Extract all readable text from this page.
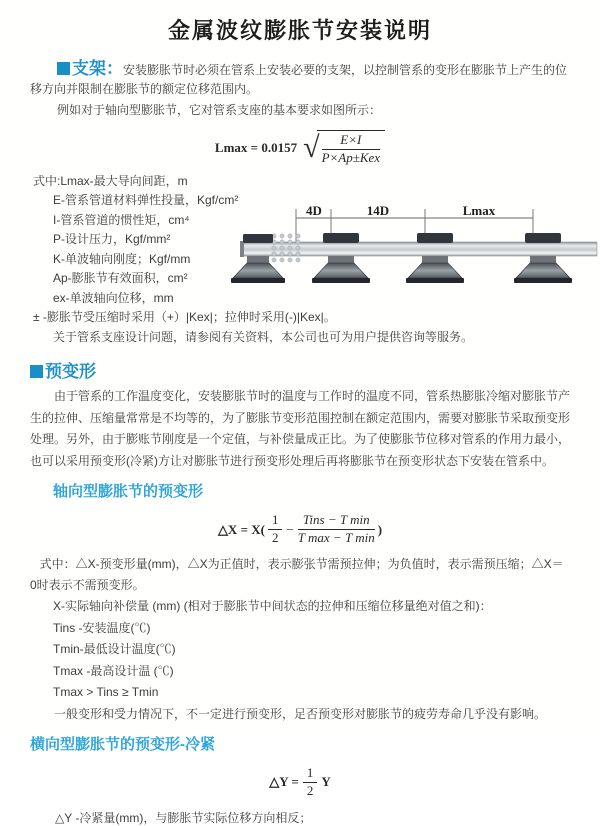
金属波纹膨胀节安装说明

支架：安装膨胀节时必须在管系上安装必要的支架，以控制管系的变形在膨胀节上产生的位移方向并限制在膨胀节的额定位移范围内。

例如对于轴向型膨胀节，它对管系支座的基本要求如图所示：

Lmax = 0.0157 √ $\frac{E\times I}{\text{P×Ap±Kex}}$
式中:Lmax-最大导向间距，m
E-管系管道材料弹性投量，Kgf/cm²
I-管系管道的惯性矩，cm⁴
P-设计压力，Kgf/mm²
K-单波轴向刚度；Kgf/mm
Ap-膨胀节有效面积，cm²
ex-单波轴向位移，mm
± -膨胀节受压缩时采用（+）|Kex|；拉伸时采用(-)|Kex|。
关于管系支座设计问题，请参阅有关资料，本公司也可为用户提供咨询等服务。
4D	14D	Lmax
预变形

由于管系的工作温度变化，安装膨胀节时的温度与工作时的温度不同，管系热膨胀冷缩对膨胀节产生的拉伸、压缩量常常是不均等的，为了膨胀节变形范围控制在额定范围内，需要对膨胀节采取预变形处理。另外，由于膨账节刚度是一个定值，与补偿量成正比。为了使膨胀节位移对管系的作用力最小，也可以采用预变形(冷紧)方让对膨胀节进行预变形处理后再将膨胀节在预变形状态下安装在管系中。

轴向型膨胀节的预变形
△X = $X( \frac{1}{2} - \frac{\text{Tins − T min}}{\text{T max − T min}}$ )

式中：△X-预变形量(mm)，△X为正值时，表示膨张节需预拉伸；为负值时，表示需预压缩；△X＝0时表示不需预变形。

X-实际轴向补偿量 (mm) (相对于膨胀节中间状态的拉伸和压缩位移量绝对值之和)：
Tins -安装温度(℃)
Tmin-最低设计温度(℃)
Tmax -最高设计温 (℃)
Tmax > Tins ≥ Tmin

一般变形和受力情况下，不一定进行预变形，足否预变形对膨胀节的疲劳寿命几乎没有影响。

横向型膨胀节的预变形-冷紧
△Y = $\frac{1}{2}$ Y
△Y -冷紧量(mm)，与膨胀节实际位移方向相反；
